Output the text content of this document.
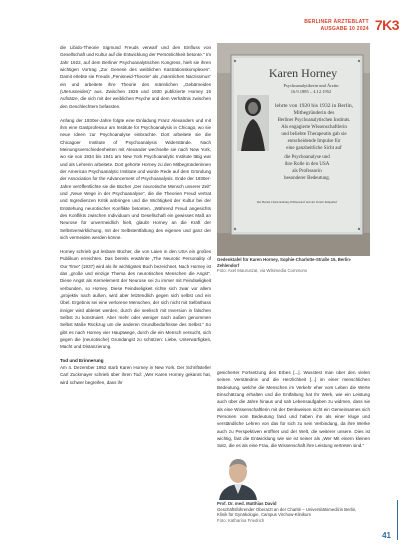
BERLINER ÄRZTEBLATT
AUSGABE 10 2024 7K3

die Libido-Theorie Sigmund Freuds verwarf und den Einfluss von Gesellschaft und Kultur auf die Entwicklung der Persönlichkeit betonte." Im Jahr 1922, auf dem Berliner Psychoanalytischen Kongress, hielt sie ihren wichtigen Vortrag „Zur Genese des weiblichen Kastrationskomplexes“. Damit erlebte sie Freuds „Penisneid-Theorie“ als „männlichen Narzissmus“ ein und arbeitete ihre Theorie des männlichen „Gebärneides (Uterusneides)“ aus. Zwischen 1926 und 1930 publizierte Horney 15 Aufsätze, die sich mit der weiblichen Psyche und dem Verhältnis zwischen den Geschlechtern befassten.

Anfang der 1930er-Jahre folgte eine Einladung Franz Alexanders und mit ihm eine Gastprofessur am Institute for Psychoanalysis in Chicago, wo sie neue Ideen zur Psychoanalyse einbrachte. Dort arbeitete sie die Chicagoer Institute of Psychoanalysis Widerstände. Nach Meinungsverschiedenheiten mit Alexander wechselte sie nach New York, wo sie von 1934 bis 1941 am New York Psychoanalytic Institute tätig war und als Lehrerin arbeitete. Dort gehörte Horney zu den Mitbegründerinnen der American Psychoanalytic Institute und wurde Rede auf dem Gründung der Association for the Advancement of Psychoanalysis. Ende der 1930er-Jahre veröffentlichte sie die Bücher „Der neurotische Mensch unserer Zeit“ und „Neue Wege in der Psychoanalyse“, die die Theorien Freud vertrat und Ingredienzen Kritik anbringen und die Wichtigkeit der Kultur bei der Entstehung neurotischer Konflikte betonten. „Während Freud angesichts des Konflikts zwischen Individuum und Gesellschaft ein gewisses Maß an Neurose für unvermeidlich hielt, glaubt Horney an die Kraft der Selbstverwirklichung, mit der Selbstentfaltung des eigenen und ganz der sich vermeiden werden könne.

Horney schrieb gut lesbare Bücher, die von Laien in den USA ein großes Publikum erreichten. Das bereits erwähnte „The Neurotic Personality of Our Time“ (1937) wird als ihr wichtigstes Buch bezeichnet. Nach Horney ist das „große und einzige Thema des neurotischen Menschen die Angst“. Diese Angst als Kernelement der Neurose sei zu immer mit Feindseligkeit verbunden, so Horney. Diese Feindseligkeit richte sich zwar vor allem „projektiv nach außen, wird aber letztendlich gegen sich selbst und ein Übel. Ergebnis sei eine verlorene Menschen, der sich nicht mit Selbsthass inniger wird ableitet werden, durch die seelisch mit Inversion in falschen Selbst zu konstruiert. Aber mehr oder weniger nach außen genommen Selbst Maße Rückzug um die anderen Grundbedürfnisse des Selbst.“ So gibt es nach Horney vier Hauptwege, durch die ein Mensch versucht, sich gegen die (neurotische) Grundangst zu schützen: Liebe, Unterwürfigkeit, Macht und Distanzierung.

Tod und Erinnerung

Am 4. Dezember 1952 starb Karen Horney in New York. Der Schriftsteller Carl Zuckmayer schrieb über ihren Tod: „Wer Karen Horney gekannt hat, wird schwer begreifen, dass ihr

Karen Horney
Psychoanalytikerin und Ärztin
16.9.1885 – 4.12.1952
lehrte von 1920 bis 1932 in Berlin,
Mitbegründerin des
Berliner Psychoanalytischen Instituts.
Als engagierte Wissenschaftlerin
und beliebte Therapeutin gab sie
entscheidende Impulse für
eine ganzheitliche Sicht auf
die Psychoanalyse und
ihre Rolle in den USA
als Professorin
besonderer Bedeutung.
Der Bezirk Charlottenburg-Wilmersdorf und der Verein Tempelhof
Gedenktafel für Karen Horney, Sophie-Charlotte-Straße 15, Berlin-Zehlendorf
Foto: Axel Mauruszat, via Wikimedia Commons

gesicherter Fortsetzung des Erbes [...]. Wusstest man über den vielen seinen Verständnis und die Herzlichkeit [...] im einer menschlichen Bedeutung, welche die Menschen im Verkehr eher vom Leben die Werte Einschätzung erhalten und die Entfaltung hat Ihr Werk, wie ein Leistung auch über die Jahre hinaus und sah Lebensaufgaben zu widmen, dass sie als eine Wissenschaftlerin mit der Denkweisen nicht ein Gemeinsames sich Personen vom Bedeutung fand und haben ihn als einer kluge und verständliche Lehren von das für sich zu sein Verbindung, da ihre Werke auch zu Perspektiven eröffnet und der Welt, die weiterer unsere. Dies ist wichtig, fast die Entwicklung wie sie ist seiner als „Wer Mit einem kleinen Satz, die es als eine Frau, die Wissenschaft ihre Leistung vertreten sind.“

Prof. Dr. med. Matthias David
Geschäftsführender Oberarzt an der Charité – Universitätsmedizin Berlin, Klinik für Gynäkologie, Campus Virchow-Klinikum
Foto: Katharina Friedrich
41
